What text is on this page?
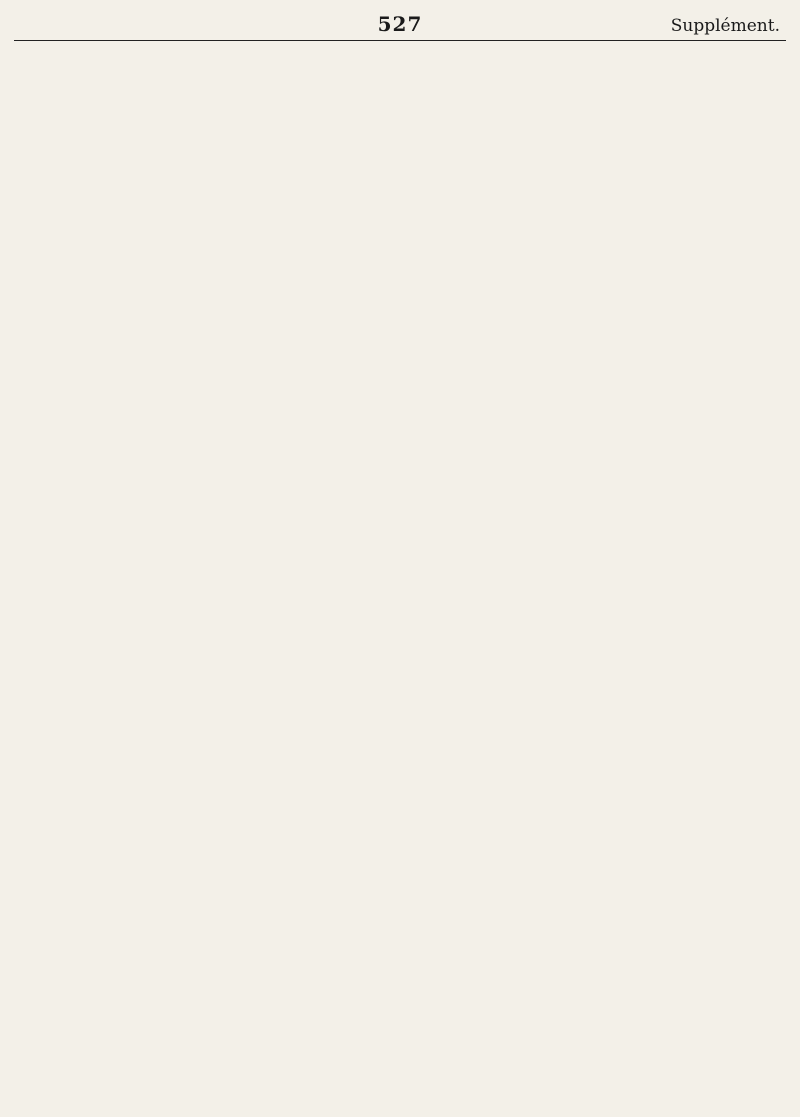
527	Supplément.
